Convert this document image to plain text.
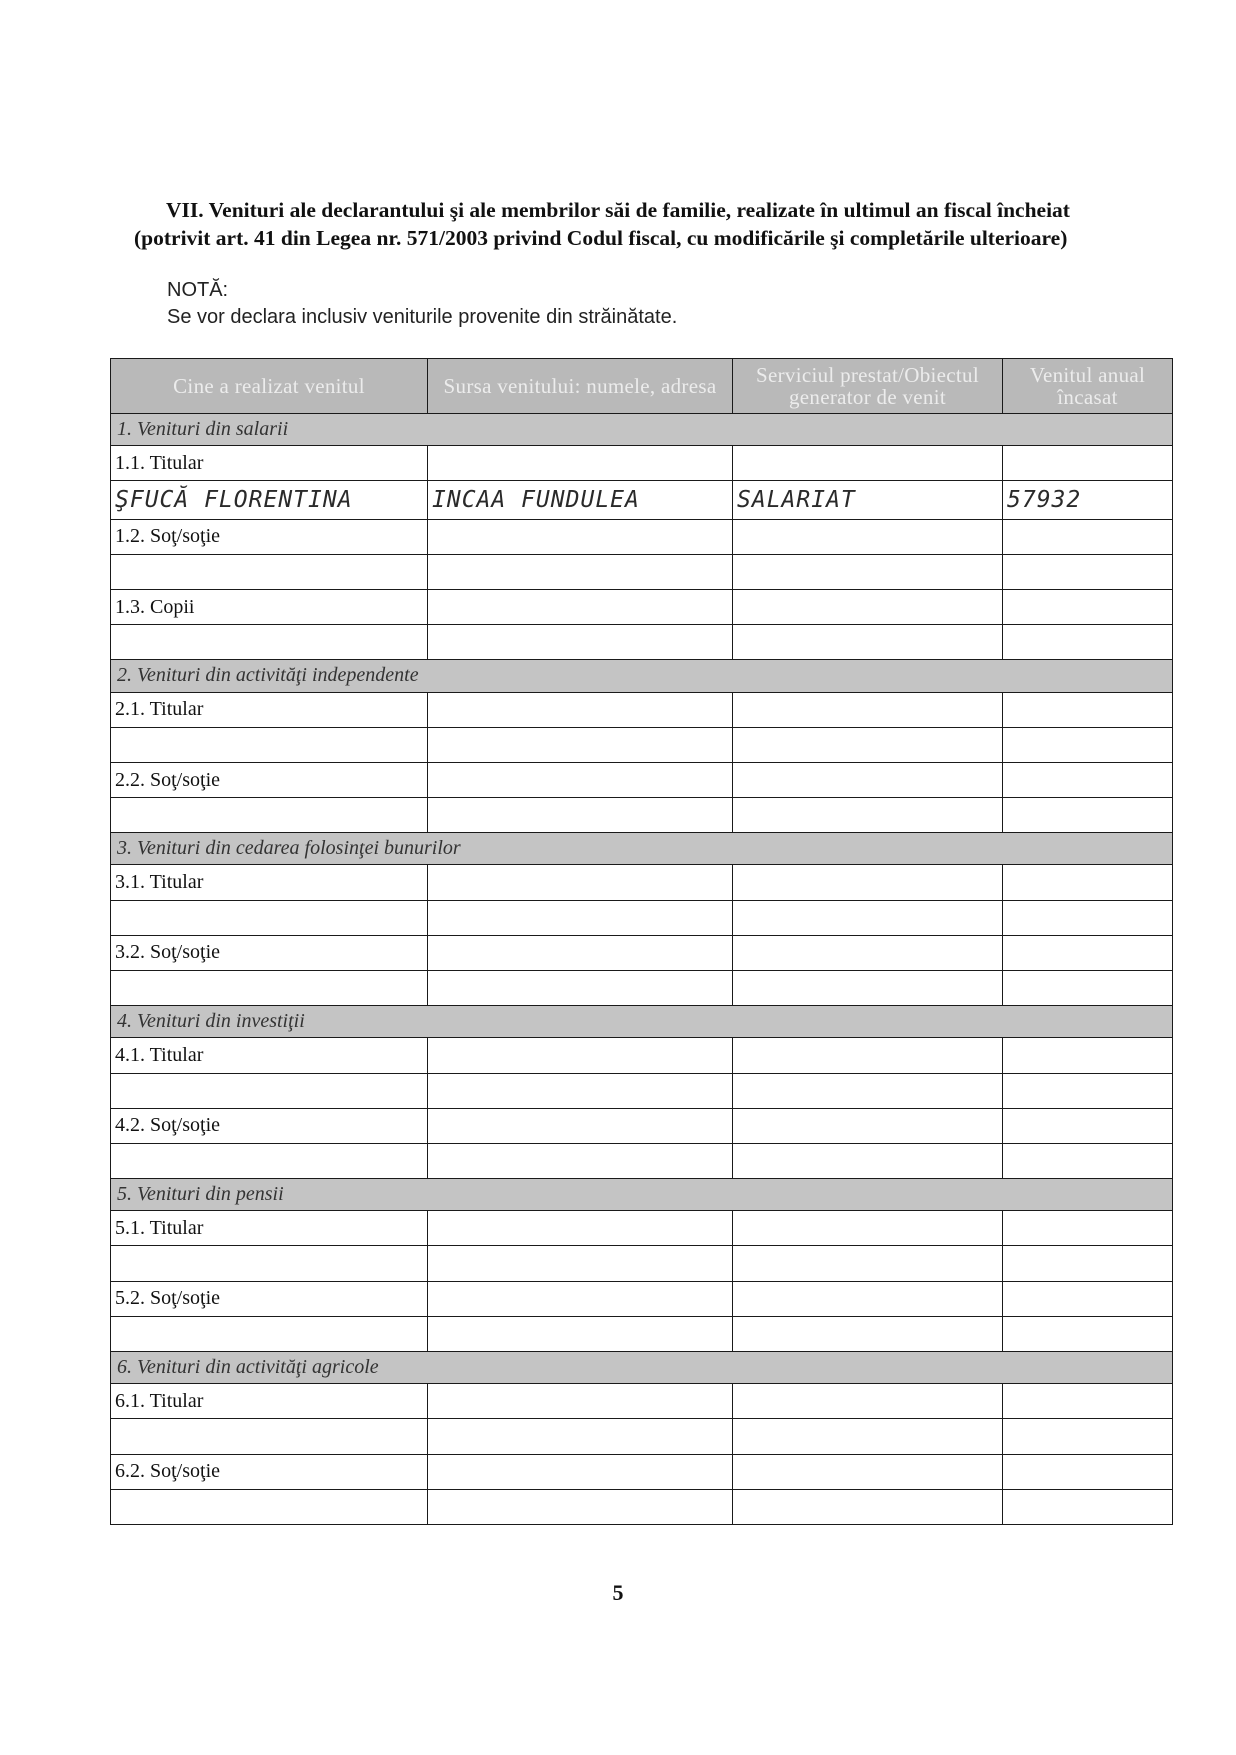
VII. Venituri ale declarantului şi ale membrilor săi de familie, realizate în ultimul an fiscal încheiat
(potrivit art. 41 din Legea nr. 571/2003 privind Codul fiscal, cu modificările şi completările ulterioare)
NOTĂ:
Se vor declara inclusiv veniturile provenite din străinătate.
Cine a realizat venitul	Sursa venitului: numele, adresa	Serviciul prestat/Obiectul generator de venit	Venitul anual încasat
1. Venituri din salarii			
1.1. Titular			
ŞFUCĂ FLORENTINA	INCAA FUNDULEA	SALARIAT	57932
1.2. Soţ/soţie			

1.3. Copii			

2. Venituri din activităţi independente			
2.1. Titular			

2.2. Soţ/soţie			

3. Venituri din cedarea folosinţei bunurilor			
3.1. Titular			

3.2. Soţ/soţie			

4. Venituri din investiţii			
4.1. Titular			

4.2. Soţ/soţie			

5. Venituri din pensii			
5.1. Titular			

5.2. Soţ/soţie			

6. Venituri din activităţi agricole			
6.1. Titular			

6.2. Soţ/soţie			

5
